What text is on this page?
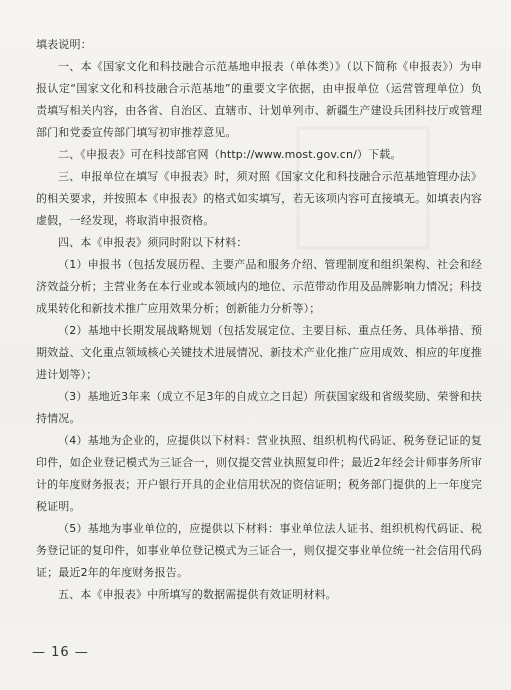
填表说明：

一、本《国家文化和科技融合示范基地申报表（单体类）》（以下简称《申报表》）为申报认定“国家文化和科技融合示范基地”的重要文字依据，由申报单位（运营管理单位）负责填写相关内容，由各省、自治区、直辖市、计划单列市、新疆生产建设兵团科技厅或管理部门和党委宣传部门填写初审推荐意见。

二、《申报表》可在科技部官网（http://www.most.gov.cn/）下载。

三、申报单位在填写《申报表》时，须对照《国家文化和科技融合示范基地管理办法》的相关要求，并按照本《申报表》的格式如实填写，若无该项内容可直接填无。如填表内容虚假，一经发现，将取消申报资格。

四、本《申报表》须同时附以下材料：

（1）申报书（包括发展历程、主要产品和服务介绍、管理制度和组织架构、社会和经济效益分析；主营业务在本行业或本领域内的地位、示范带动作用及品牌影响力情况；科技成果转化和新技术推广应用效果分析；创新能力分析等）；

（2）基地中长期发展战略规划（包括发展定位、主要目标、重点任务、具体举措、预期效益、文化重点领域核心关键技术进展情况、新技术产业化推广应用成效、相应的年度推进计划等）；

（3）基地近3年来（成立不足3年的自成立之日起）所获国家级和省级奖励、荣誉和扶持情况。

（4）基地为企业的，应提供以下材料：营业执照、组织机构代码证、税务登记证的复印件，如企业登记模式为三证合一，则仅提交营业执照复印件；最近2年经会计师事务所审计的年度财务报表；开户银行开具的企业信用状况的资信证明；税务部门提供的上一年度完税证明。

（5）基地为事业单位的，应提供以下材料：事业单位法人证书、组织机构代码证、税务登记证的复印件，如事业单位登记模式为三证合一，则仅提交事业单位统一社会信用代码证；最近2年的年度财务报告。

五、本《申报表》中所填写的数据需提供有效证明材料。

— 16 —
